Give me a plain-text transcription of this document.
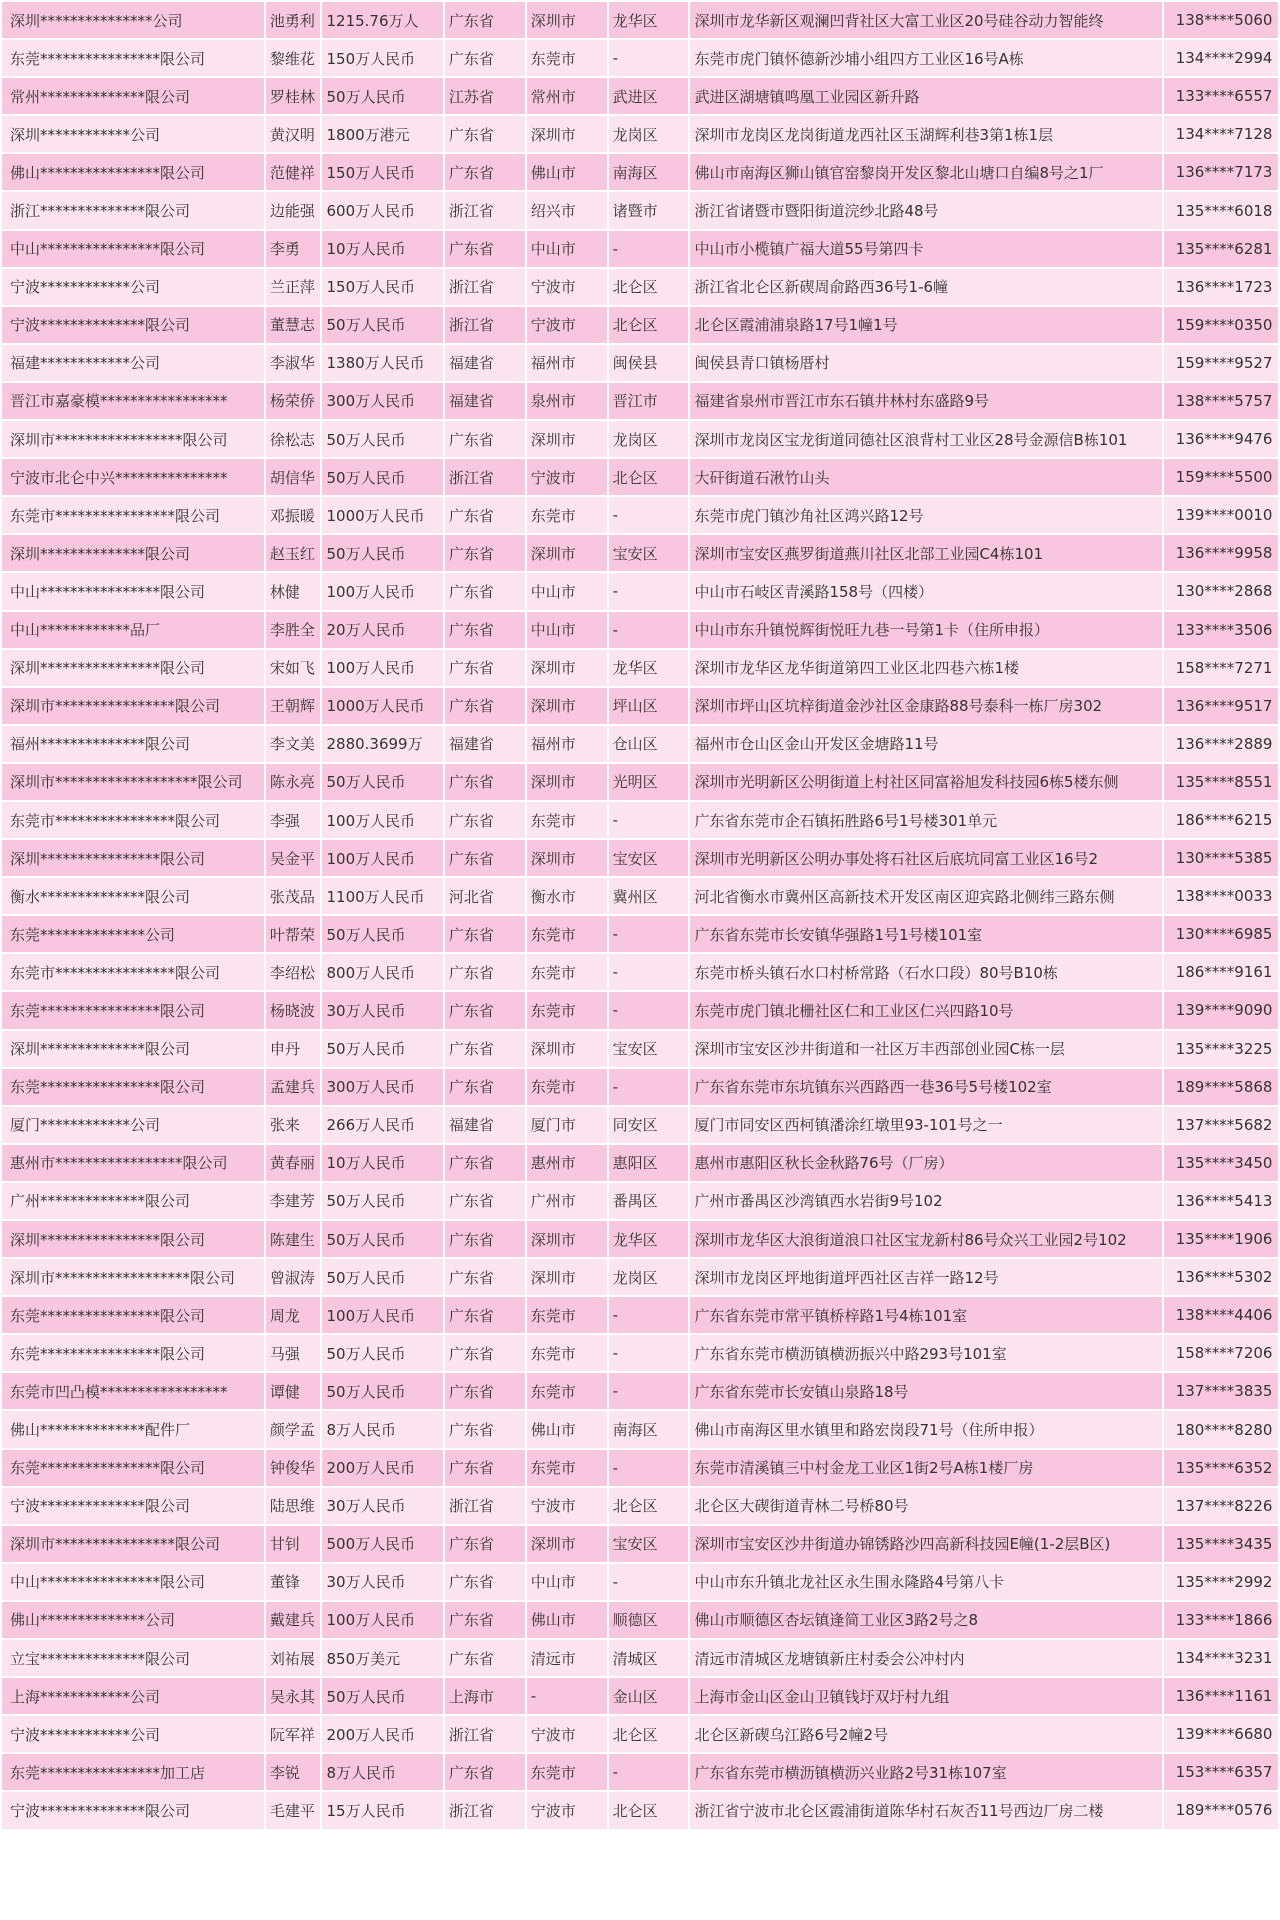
深圳***************公司	池勇利	1215.76万人	广东省	深圳市	龙华区	深圳市龙华新区观澜凹背社区大富工业区20号硅谷动力智能终	138****5060
东莞****************限公司	黎维花	150万人民币	广东省	东莞市	-	东莞市虎门镇怀德新沙埔小组四方工业区16号A栋	134****2994
常州**************限公司	罗桂林	50万人民币	江苏省	常州市	武进区	武进区湖塘镇鸣凰工业园区新升路	133****6557
深圳************公司	黄汉明	1800万港元	广东省	深圳市	龙岗区	深圳市龙岗区龙岗街道龙西社区玉湖辉利巷3第1栋1层	134****7128
佛山****************限公司	范健祥	150万人民币	广东省	佛山市	南海区	佛山市南海区狮山镇官窑黎岗开发区黎北山塘口自编8号之1厂	136****7173
浙江**************限公司	边能强	600万人民币	浙江省	绍兴市	诸暨市	浙江省诸暨市暨阳街道浣纱北路48号	135****6018
中山****************限公司	李勇	10万人民币	广东省	中山市	-	中山市小榄镇广福大道55号第四卡	135****6281
宁波************公司	兰正萍	150万人民币	浙江省	宁波市	北仑区	浙江省北仑区新碶周俞路西36号1-6幢	136****1723
宁波**************限公司	董慧志	50万人民币	浙江省	宁波市	北仑区	北仑区霞浦浦泉路17号1幢1号	159****0350
福建************公司	李淑华	1380万人民币	福建省	福州市	闽侯县	闽侯县青口镇杨厝村	159****9527
晋江市嘉豪模*****************	杨荣侨	300万人民币	福建省	泉州市	晋江市	福建省泉州市晋江市东石镇井林村东盛路9号	138****5757
深圳市*****************限公司	徐松志	50万人民币	广东省	深圳市	龙岗区	深圳市龙岗区宝龙街道同德社区浪背村工业区28号金源信B栋101	136****9476
宁波市北仑中兴***************	胡信华	50万人民币	浙江省	宁波市	北仑区	大矸街道石湫竹山头	159****5500
东莞市****************限公司	邓振暖	1000万人民币	广东省	东莞市	-	东莞市虎门镇沙角社区鸿兴路12号	139****0010
深圳**************限公司	赵玉红	50万人民币	广东省	深圳市	宝安区	深圳市宝安区燕罗街道燕川社区北部工业园C4栋101	136****9958
中山****************限公司	林健	100万人民币	广东省	中山市	-	中山市石岐区青溪路158号（四楼）	130****2868
中山************品厂	李胜全	20万人民币	广东省	中山市	-	中山市东升镇悦辉街悦旺九巷一号第1卡（住所申报）	133****3506
深圳****************限公司	宋如飞	100万人民币	广东省	深圳市	龙华区	深圳市龙华区龙华街道第四工业区北四巷六栋1楼	158****7271
深圳市****************限公司	王朝辉	1000万人民币	广东省	深圳市	坪山区	深圳市坪山区坑梓街道金沙社区金康路88号泰科一栋厂房302	136****9517
福州**************限公司	李文美	2880.3699万	福建省	福州市	仓山区	福州市仓山区金山开发区金塘路11号	136****2889
深圳市*******************限公司	陈永亮	50万人民币	广东省	深圳市	光明区	深圳市光明新区公明街道上村社区同富裕旭发科技园6栋5楼东侧	135****8551
东莞市****************限公司	李强	100万人民币	广东省	东莞市	-	广东省东莞市企石镇拓胜路6号1号楼301单元	186****6215
深圳****************限公司	吴金平	100万人民币	广东省	深圳市	宝安区	深圳市光明新区公明办事处将石社区后底坑同富工业区16号2	130****5385
衡水**************限公司	张茂品	1100万人民币	河北省	衡水市	冀州区	河北省衡水市冀州区高新技术开发区南区迎宾路北侧纬三路东侧	138****0033
东莞**************公司	叶帮荣	50万人民币	广东省	东莞市	-	广东省东莞市长安镇华强路1号1号楼101室	130****6985
东莞市****************限公司	李绍松	800万人民币	广东省	东莞市	-	东莞市桥头镇石水口村桥常路（石水口段）80号B10栋	186****9161
东莞****************限公司	杨晓波	30万人民币	广东省	东莞市	-	东莞市虎门镇北栅社区仁和工业区仁兴四路10号	139****9090
深圳**************限公司	申丹	50万人民币	广东省	深圳市	宝安区	深圳市宝安区沙井街道和一社区万丰西部创业园C栋一层	135****3225
东莞****************限公司	孟建兵	300万人民币	广东省	东莞市	-	广东省东莞市东坑镇东兴西路西一巷36号5号楼102室	189****5868
厦门************公司	张来	266万人民币	福建省	厦门市	同安区	厦门市同安区西柯镇潘涂红墩里93-101号之一	137****5682
惠州市*****************限公司	黄春丽	10万人民币	广东省	惠州市	惠阳区	惠州市惠阳区秋长金秋路76号（厂房）	135****3450
广州**************限公司	李建芳	50万人民币	广东省	广州市	番禺区	广州市番禺区沙湾镇西水岩街9号102	136****5413
深圳****************限公司	陈建生	50万人民币	广东省	深圳市	龙华区	深圳市龙华区大浪街道浪口社区宝龙新村86号众兴工业园2号102	135****1906
深圳市******************限公司	曾淑涛	50万人民币	广东省	深圳市	龙岗区	深圳市龙岗区坪地街道坪西社区吉祥一路12号	136****5302
东莞****************限公司	周龙	100万人民币	广东省	东莞市	-	广东省东莞市常平镇桥梓路1号4栋101室	138****4406
东莞****************限公司	马强	50万人民币	广东省	东莞市	-	广东省东莞市横沥镇横沥振兴中路293号101室	158****7206
东莞市凹凸模*****************	谭健	50万人民币	广东省	东莞市	-	广东省东莞市长安镇山泉路18号	137****3835
佛山**************配件厂	颜学孟	8万人民币	广东省	佛山市	南海区	佛山市南海区里水镇里和路宏岗段71号（住所申报）	180****8280
东莞****************限公司	钟俊华	200万人民币	广东省	东莞市	-	东莞市清溪镇三中村金龙工业区1街2号A栋1楼厂房	135****6352
宁波**************限公司	陆思维	30万人民币	浙江省	宁波市	北仑区	北仑区大碶街道青林二号桥80号	137****8226
深圳市****************限公司	甘钊	500万人民币	广东省	深圳市	宝安区	深圳市宝安区沙井街道办锦锈路沙四高新科技园E幢(1-2层B区)	135****3435
中山****************限公司	董锋	30万人民币	广东省	中山市	-	中山市东升镇北龙社区永生围永隆路4号第八卡	135****2992
佛山**************公司	戴建兵	100万人民币	广东省	佛山市	顺德区	佛山市顺德区杏坛镇逢简工业区3路2号之8	133****1866
立宝**************限公司	刘祐展	850万美元	广东省	清远市	清城区	清远市清城区龙塘镇新庄村委会公冲村内	134****3231
上海************公司	吴永其	50万人民币	上海市	-	金山区	上海市金山区金山卫镇钱圩双圩村九组	136****1161
宁波************公司	阮军祥	200万人民币	浙江省	宁波市	北仑区	北仑区新碶乌江路6号2幢2号	139****6680
东莞****************加工店	李锐	8万人民币	广东省	东莞市	-	广东省东莞市横沥镇横沥兴业路2号31栋107室	153****6357
宁波**************限公司	毛建平	15万人民币	浙江省	宁波市	北仑区	浙江省宁波市北仑区霞浦街道陈华村石灰否11号西边厂房二楼	189****0576
